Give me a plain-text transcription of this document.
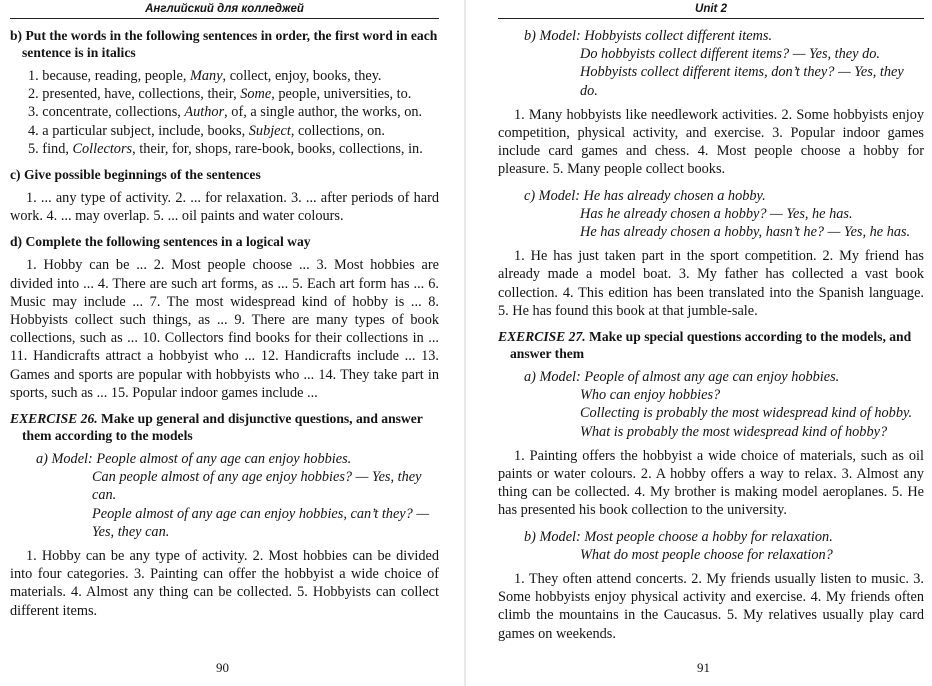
Английский для колледжей
b) Put the words in the following sentences in order, the first word in each sentence is in italics
1. because, reading, people, Many, collect, enjoy, books, they.
2. presented, have, collections, their, Some, people, universities, to.
3. concentrate, collections, Author, of, a single author, the works, on.
4. a particular subject, include, books, Subject, collections, on.
5. find, Collectors, their, for, shops, rare-book, books, collections, in.
c) Give possible beginnings of the sentences

1. ... any type of activity. 2. ... for relaxation. 3. ... after periods of hard work. 4. ... may overlap. 5. ... oil paints and water colours.

d) Complete the following sentences in a logical way

1. Hobby can be ... 2. Most people choose ... 3. Most hobbies are divided into ... 4. There are such art forms, as ... 5. Each art form has ... 6. Music may include ... 7. The most widespread kind of hobby is ... 8. Hobbyists collect such things, as ... 9. There are many types of book collections, such as ... 10. Collectors find books for their collections in ... 11. Handicrafts attract a hobbyist who ... 12. Handicrafts include ... 13. Games and sports are popular with hobbyists who ... 14. They take part in sports, such as ... 15. Popular indoor games include ...

EXERCISE 26. Make up general and disjunctive questions, and answer them according to the models
a) Model: People almost of any age can enjoy hobbies.
Can people almost of any age enjoy hobbies? — Yes, they can.
People almost of any age can enjoy hobbies, can’t they? —
Yes, they can.

1. Hobby can be any type of activity. 2. Most hobbies can be divided into four categories. 3. Painting can offer the hobbyist a wide choice of materials. 4. Almost any thing can be collected. 5. Hobbyists can collect different items.

90
Unit 2
b) Model: Hobbyists collect different items.
Do hobbyists collect different items? — Yes, they do.
Hobbyists collect different items, don’t they? — Yes, they do.

1. Many hobbyists like needlework activities. 2. Some hobbyists enjoy competition, physical activity, and exercise. 3. Popular indoor games include card games and chess. 4. Most people choose a hobby for pleasure. 5. Many people collect books.

c) Model: He has already chosen a hobby.
Has he already chosen a hobby? — Yes, he has.
He has already chosen a hobby, hasn’t he? — Yes, he has.

1. He has just taken part in the sport competition. 2. My friend has already made a model boat. 3. My father has collected a vast book collection. 4. This edition has been translated into the Spanish language. 5. He has found this book at that jumble-sale.

EXERCISE 27. Make up special questions according to the models, and answer them
a) Model: People of almost any age can enjoy hobbies.
Who can enjoy hobbies?
Collecting is probably the most widespread kind of hobby.
What is probably the most widespread kind of hobby?

1. Painting offers the hobbyist a wide choice of materials, such as oil paints or water colours. 2. A hobby offers a way to relax. 3. Almost any thing can be collected. 4. My brother is making model aeroplanes. 5. He has presented his book collection to the university.

b) Model: Most people choose a hobby for relaxation.
What do most people choose for relaxation?

1. They often attend concerts. 2. My friends usually listen to music. 3. Some hobbyists enjoy physical activity and exercise. 4. My friends often climb the mountains in the Caucasus. 5. My relatives usually play card games on weekends.

91
